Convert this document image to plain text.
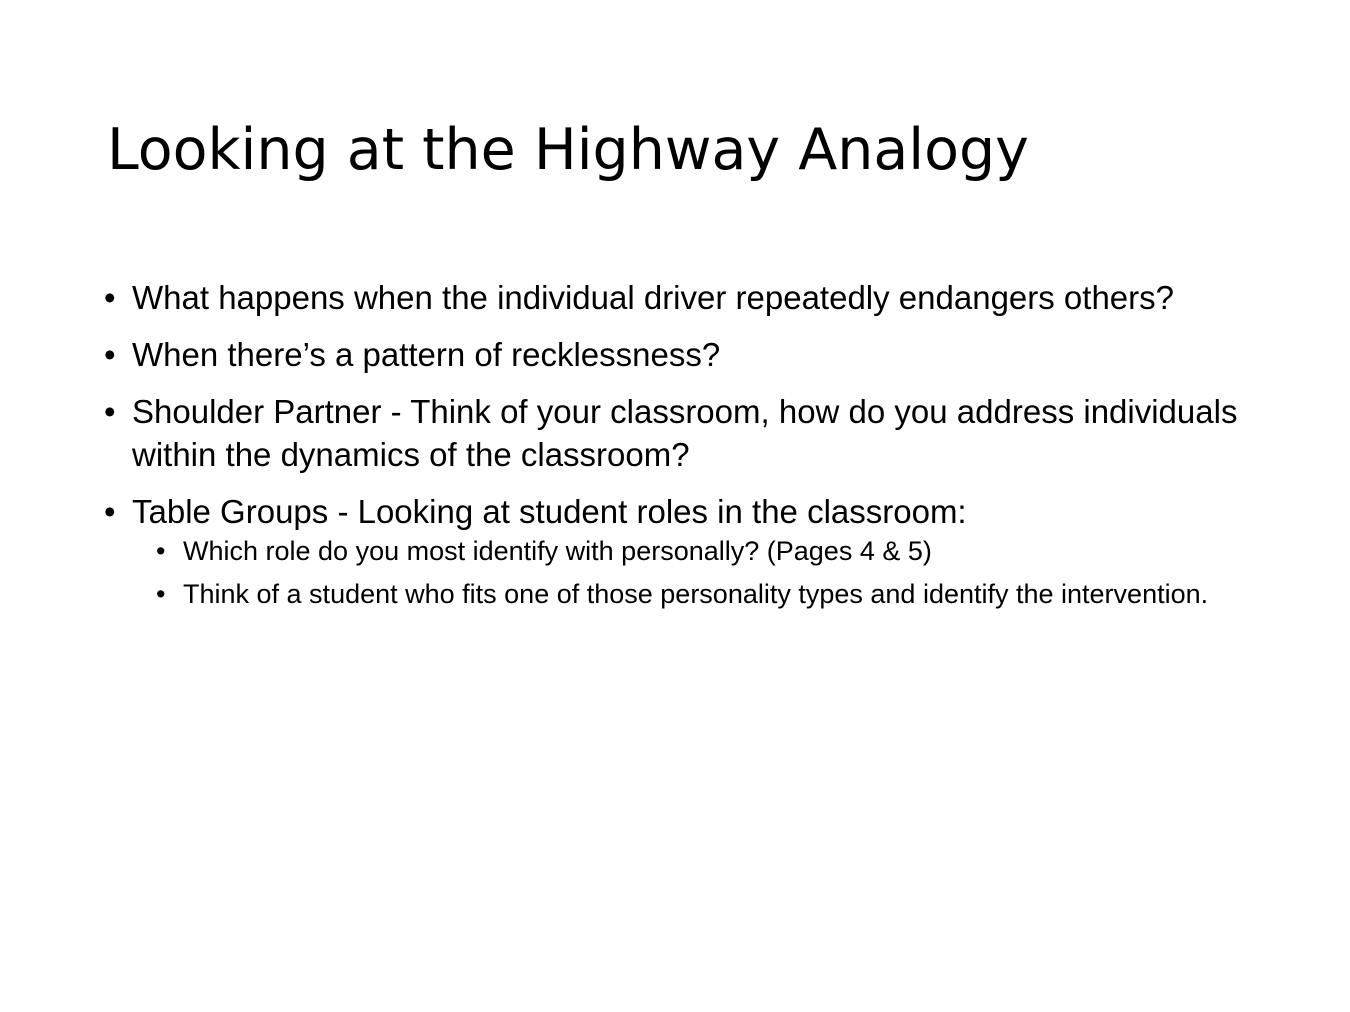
Looking at the Highway Analogy
• What happens when the individual driver repeatedly endangers others?
• When there’s a pattern of recklessness?
• Shoulder Partner - Think of your classroom, how do you address individuals within the dynamics of the classroom?
• Table Groups - Looking at student roles in the classroom:
• Which role do you most identify with personally? (Pages 4 & 5)
• Think of a student who fits one of those personality types and identify the intervention.
